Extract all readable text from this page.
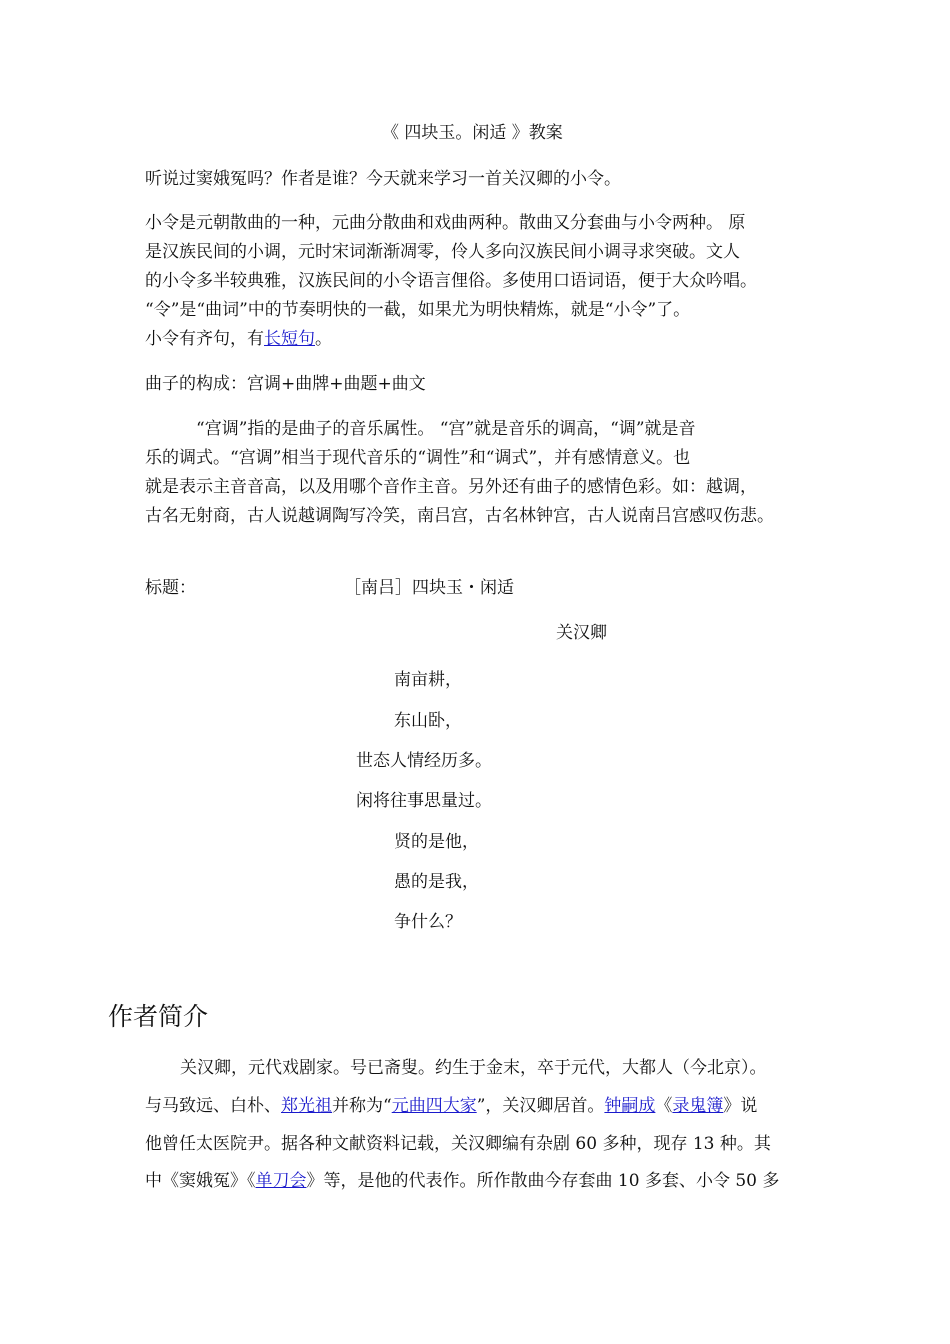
《 四块玉。闲适 》教案
听说过窦娥冤吗？作者是谁？今天就来学习一首关汉卿的小令。
小令是元朝散曲的一种，元曲分散曲和戏曲两种。散曲又分套曲与小令两种。 原
是汉族民间的小调，元时宋词渐渐凋零，伶人多向汉族民间小调寻求突破。文人
的小令多半较典雅，汉族民间的小令语言俚俗。多使用口语词语，便于大众吟唱。
“令”是“曲词”中的节奏明快的一截，如果尤为明快精炼，就是“小令”了。
小令有齐句，有长短句。
曲子的构成：宫调+曲牌+曲题+曲文
“宫调”指的是曲子的音乐属性。 “宫”就是音乐的调高，“调”就是音
乐的调式。“宫调”相当于现代音乐的“调性”和“调式”，并有感情意义。也
就是表示主音音高，以及用哪个音作主音。另外还有曲子的感情色彩。如：越调，
古名无射商，古人说越调陶写冷笑，南吕宫，古名林钟宫，古人说南吕宫感叹伤悲。
标题：	［南吕］四块玉・闲适
关汉卿
南亩耕，
东山卧，
世态人情经历多。
闲将往事思量过。
贤的是他，
愚的是我，
争什么？
作者简介
关汉卿，元代戏剧家。号已斋叟。约生于金末，卒于元代，大都人（今北京）。
与马致远、白朴、郑光祖并称为“元曲四大家”，关汉卿居首。钟嗣成《录鬼簿》说
他曾任太医院尹。据各种文献资料记载，关汉卿编有杂剧 60 多种，现存 13 种。其
中《窦娥冤》《单刀会》等，是他的代表作。所作散曲今存套曲 10 多套、小令 50 多
